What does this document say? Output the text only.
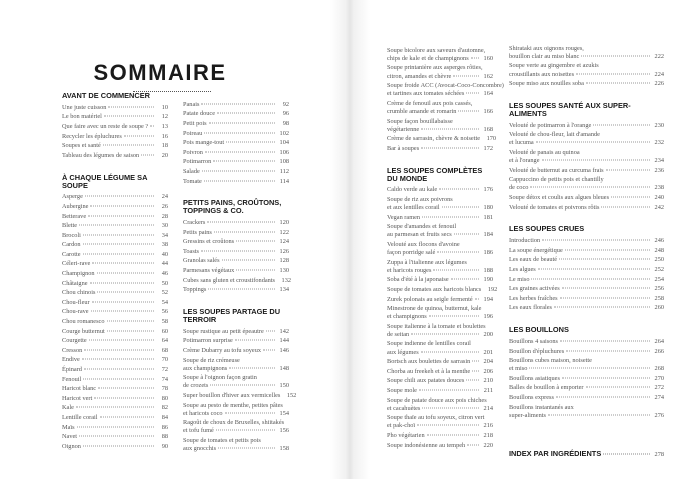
SOMMAIRE
AVANT DE COMMENCER
Une juste cuisson	10
Le bon matériel	12
Que faire avec un reste de soupe ?	13
Recycler les épluchures	16
Soupes et santé	18
Tableau des légumes de saison	20
À CHAQUE LÉGUME SA SOUPE
Asperge	24
Aubergine	26
Betterave	28
Blette	30
Brocoli	34
Cardon	38
Carotte	40
Céleri-rave	44
Champignon	46
Châtaigne	50
Chou chinois	52
Chou-fleur	54
Chou-rave	56
Chou romanesco	58
Courge butternut	60
Courgette	64
Cresson	68
Endive	70
Épinard	72
Fenouil	74
Haricot blanc	78
Haricot vert	80
Kale	82
Lentille corail	84
Maïs	86
Navet	88
Oignon	90
Panais	92
Patate douce	96
Petit pois	98
Poireau	102
Pois mange-tout	104
Poivron	106
Potimarron	108
Salade	112
Tomate	114
PETITS PAINS, CROÛTONS, TOPPINGS & CO.
Crackers	120
Petits pains	122
Gressins et croûtons	124
Toasts	126
Granolas salés	128
Parmesans végétaux	130
Cubes sans gluten et croustifondants	132
Toppings	134
LES SOUPES PARTAGE DU TERROIR
Soupe rustique au petit épeautre	142
Potimarron surprise	144
Crème Dubarry au tofu soyeux	146
Soupe de riz crémeuse
aux champignons	148
Soupe à l'oignon façon gratin
de crozets	150
Super bouillon d'hiver aux vermicelles	152
Soupe au pesto de menthe, petites pâtes
et haricots coco	154
Ragoût de choux de Bruxelles, shiitakés
et tofu fumé	156
Soupe de tomates et petits pois
aux gnocchis	158
Soupe bicolore aux saveurs d'automne,
chips de kale et de champignons	160
Soupe printanière aux asperges rôties,
citron, amandes et chèvre	162
Soupe froide ACC (Avocat-Coco-Concombre)
et tartines aux tomates séchées	164
Crème de fenouil aux pois cassés,
crumble amande et romarin	166
Soupe façon bouillabaisse
végétarienne	168
Crème de sarrasin, chèvre & noisette	170
Bar à soupes	172
LES SOUPES COMPLÈTES DU MONDE
Caldo verde au kale	176
Soupe de riz aux poivrons
et aux lentilles corail	180
Vegan ramen	181
Soupe d'amandes et fenouil
au parmesan et fruits secs	184
Velouté aux flocons d'avoine
façon porridge salé	186
Zuppa à l'italienne aux légumes
et haricots rouges	188
Soba d'été à la japonaise	190
Soupe de tomates aux haricots blancs	192
Zurek polonais au seigle fermenté	194
Minestrone de quinoa, butternut, kale
et champignons	196
Soupe italienne à la tomate et boulettes
de seitan	200
Soupe indienne de lentilles corail
aux légumes	201
Bortsch aux boulettes de sarrasin	204
Chorba au freekeh et à la menthe	206
Soupe chili aux patates douces	210
Soupe mole	211
Soupe de patate douce aux pois chiches
et cacahuètes	214
Soupe thaïe au tofu soyeux, citron vert
et pak-choï	216
Pho végétarien	218
Soupe indonésienne au tempeh	220
Shirataki aux oignons rouges,
bouillon clair au miso blanc	222
Soupe verte au gingembre et azukis
croustillants aux noisettes	224
Soupe miso aux nouilles soba	226
LES SOUPES SANTÉ AUX SUPER-ALIMENTS
Velouté de potimarron à l'orange	230
Velouté de chou-fleur, lait d'amande
et lucuma	232
Velouté de panais au quinoa
et à l'orange	234
Velouté de butternut au curcuma frais	236
Cappuccino de petits pois et chantilly
de coco	238
Soupe détox et coulis aux algues bleues	240
Velouté de tomates et poivrons rôtis	242
LES SOUPES CRUES
Introduction	246
La soupe énergétique	248
Les eaux de beauté	250
Les algues	252
Le miso	254
Les graines activées	256
Les herbes fraîches	258
Les eaux florales	260
LES BOUILLONS
Bouillons 4 saisons	264
Bouillon d'épluchures	266
Bouillons cubes maison, noisette
et miso	268
Bouillons asiatiques	270
Balles de bouillon à emporter	272
Bouillons express	274
Bouillons instantanés aux
super-aliments	276
INDEX PAR INGRÉDIENTS	278
